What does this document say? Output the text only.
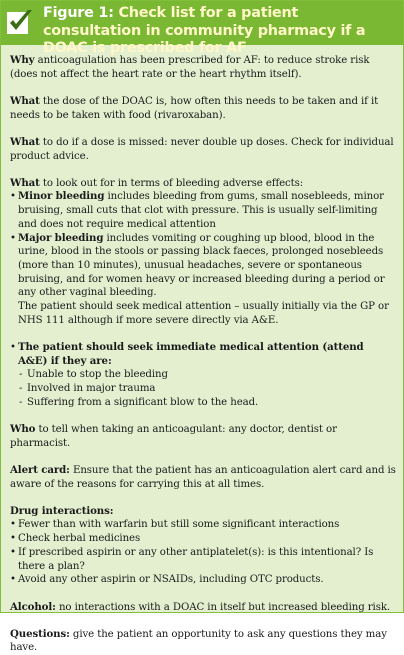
Figure 1: Check list for a patient consultation in community pharmacy if a DOAC is prescribed for AF

Why anticoagulation has been prescribed for AF: to reduce stroke risk (does not affect the heart rate or the heart rhythm itself).

What the dose of the DOAC is, how often this needs to be taken and if it needs to be taken with food (rivaroxaban).

What to do if a dose is missed: never double up doses. Check for individual product advice.

What to look out for in terms of bleeding adverse effects:
• Minor bleeding includes bleeding from gums, small nosebleeds, minor bruising, small cuts that clot with pressure. This is usually self-limiting and does not require medical attention
• Major bleeding includes vomiting or coughing up blood, blood in the urine, blood in the stools or passing black faeces, prolonged nosebleeds (more than 10 minutes), unusual headaches, severe or spontaneous bruising, and for women heavy or increased bleeding during a period or any other vaginal bleeding.
The patient should seek medical attention – usually initially via the GP or NHS 111 although if more severe directly via A&E.
• The patient should seek immediate medical attention (attend A&E) if they are:
- Unable to stop the bleeding
- Involved in major trauma
- Suffering from a significant blow to the head.

Who to tell when taking an anticoagulant: any doctor, dentist or pharmacist.

Alert card: Ensure that the patient has an anticoagulation alert card and is aware of the reasons for carrying this at all times.

Drug interactions:
• Fewer than with warfarin but still some significant interactions
• Check herbal medicines
• If prescribed aspirin or any other antiplatelet(s): is this intentional? Is there a plan?
• Avoid any other aspirin or NSAIDs, including OTC products.

Alcohol: no interactions with a DOAC in itself but increased bleeding risk.

Questions: give the patient an opportunity to ask any questions they may have.
